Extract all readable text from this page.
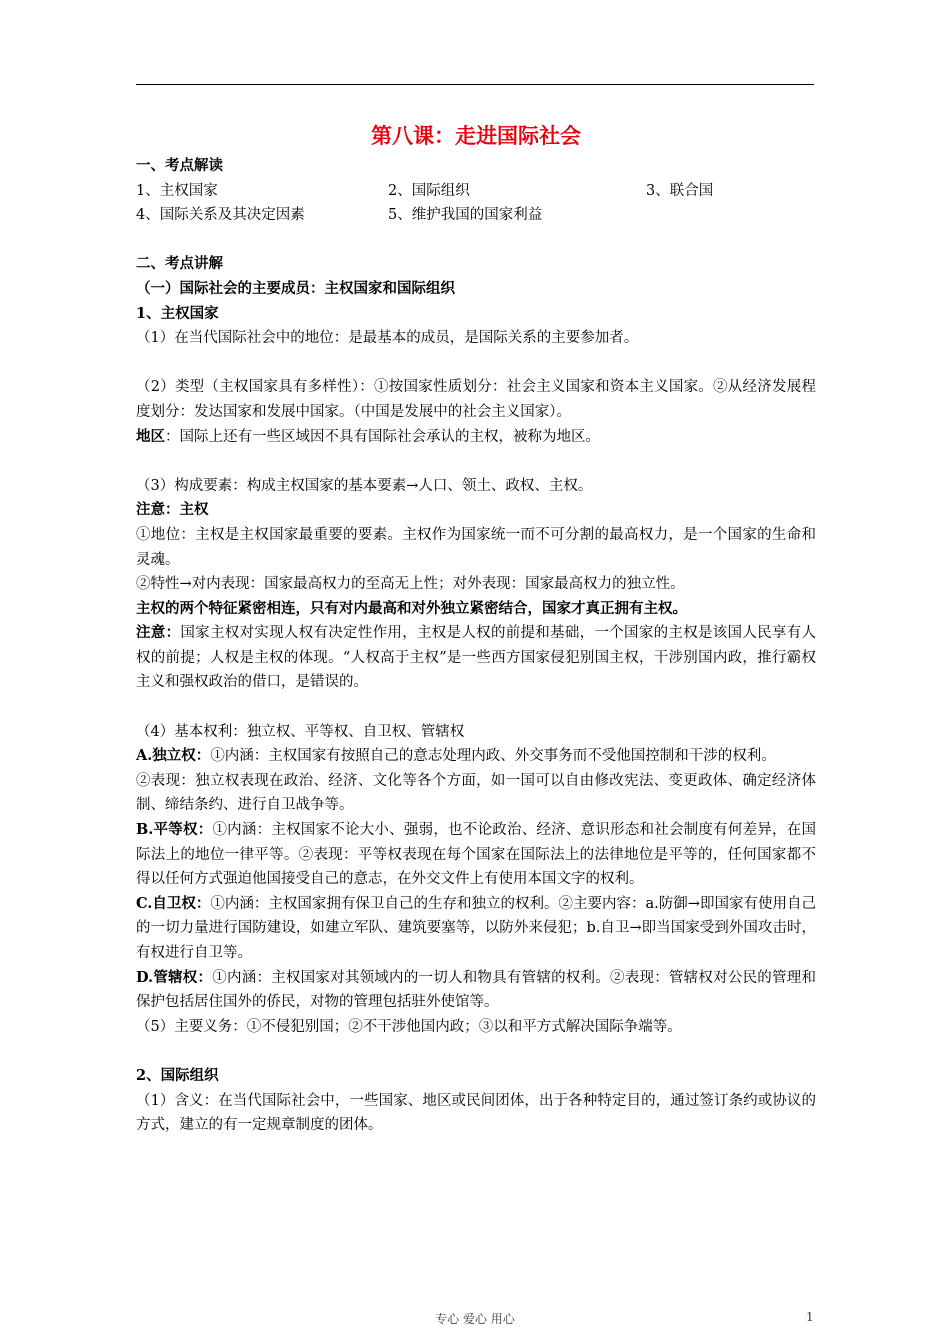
第八课：走进国际社会

一、考点解读

1、主权国家	2、国际组织	3、联合国
4、国际关系及其决定因素	5、维护我国的国家利益

二、考点讲解

（一）国际社会的主要成员：主权国家和国际组织

1、主权国家

（1）在当代国际社会中的地位：是最基本的成员，是国际关系的主要参加者。

（2）类型（主权国家具有多样性）：①按国家性质划分：社会主义国家和资本主义国家。②从经济发展程度划分：发达国家和发展中国家。（中国是发展中的社会主义国家）。

地区：国际上还有一些区域因不具有国际社会承认的主权，被称为地区。

（3）构成要素：构成主权国家的基本要素→人口、领土、政权、主权。

注意：主权

①地位：主权是主权国家最重要的要素。主权作为国家统一而不可分割的最高权力，是一个国家的生命和灵魂。

②特性→对内表现：国家最高权力的至高无上性；对外表现：国家最高权力的独立性。

主权的两个特征紧密相连，只有对内最高和对外独立紧密结合，国家才真正拥有主权。

注意：国家主权对实现人权有决定性作用，主权是人权的前提和基础，一个国家的主权是该国人民享有人权的前提；人权是主权的体现。“人权高于主权”是一些西方国家侵犯别国主权，干涉别国内政，推行霸权主义和强权政治的借口，是错误的。

（4）基本权利：独立权、平等权、自卫权、管辖权

A.独立权：①内涵：主权国家有按照自己的意志处理内政、外交事务而不受他国控制和干涉的权利。

②表现：独立权表现在政治、经济、文化等各个方面，如一国可以自由修改宪法、变更政体、确定经济体制、缔结条约、进行自卫战争等。

B.平等权：①内涵：主权国家不论大小、强弱，也不论政治、经济、意识形态和社会制度有何差异，在国际法上的地位一律平等。②表现：平等权表现在每个国家在国际法上的法律地位是平等的，任何国家都不得以任何方式强迫他国接受自己的意志，在外交文件上有使用本国文字的权利。

C.自卫权：①内涵：主权国家拥有保卫自己的生存和独立的权利。②主要内容：a.防御→即国家有使用自己的一切力量进行国防建设，如建立军队、建筑要塞等，以防外来侵犯；b.自卫→即当国家受到外国攻击时，有权进行自卫等。

D.管辖权：①内涵：主权国家对其领域内的一切人和物具有管辖的权利。②表现：管辖权对公民的管理和保护包括居住国外的侨民，对物的管理包括驻外使馆等。

（5）主要义务：①不侵犯别国；②不干涉他国内政；③以和平方式解决国际争端等。

2、国际组织

（1）含义：在当代国际社会中，一些国家、地区或民间团体，出于各种特定目的，通过签订条约或协议的方式，建立的有一定规章制度的团体。

专心 爱心 用心	1
